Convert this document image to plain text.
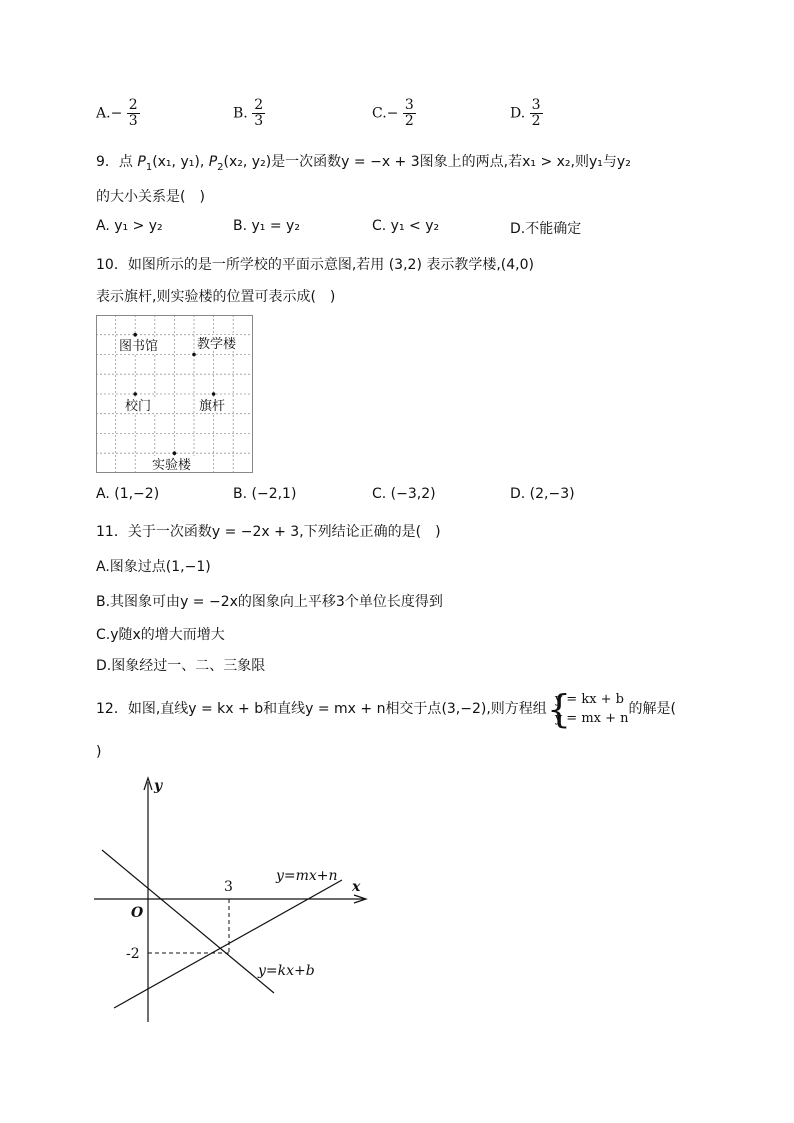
$A.- \frac{2}{3}$	B. $\frac{2}{3}$	$C.- \frac{3}{2}$	D. $\frac{3}{2}$
9．点 $P_1(x_1$, y₁), $P_2(x_2$, y₂)是一次函数y = −x + 3图象上的两点,若x₁ > x₂,则y₁与y₂
的大小关系是(　)
A. y₁ > y₂	B. y₁ = y₂	C. y₁ < y₂	D.不能确定
10．如图所示的是一所学校的平面示意图,若用 (3,2) 表示教学楼,(4,0)
表示旗杆,则实验楼的位置可表示成(　)
图书馆	教学楼
校门	旗杆
实验楼
A. (1,−2)	B. (−2,1)	C. (−3,2)	D. (2,−3)
11．关于一次函数y = −2x + 3,下列结论正确的是(　)
A.图象过点(1,−1)
B.其图象可由y = −2x的图象向上平移3个单位长度得到
C.y随x的增大而增大
D.图象经过一、二、三象限
12．如图,直线y = kx + b和直线y = mx + n相交于点(3,−2),则方程组 {
y = kx + b
y = mx + n
的解是(
)
y
x
O
3
-2
y=mx+n
y=kx+b
